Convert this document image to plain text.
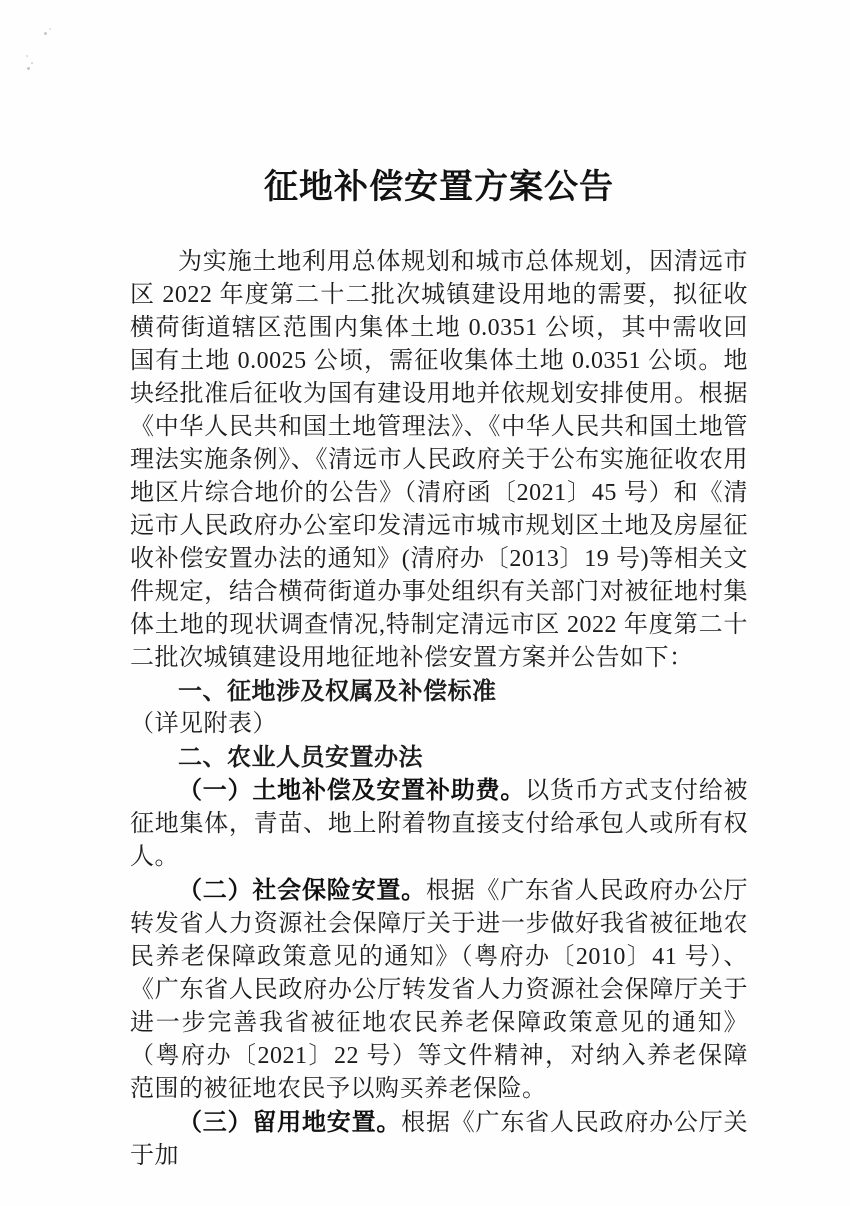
征地补偿安置方案公告

为实施土地利用总体规划和城市总体规划，因清远市区 2022 年度第二十二批次城镇建设用地的需要，拟征收横荷街道辖区范围内集体土地 0.0351 公顷，其中需收回国有土地 0.0025 公顷，需征收集体土地 0.0351 公顷。地块经批准后征收为国有建设用地并依规划安排使用。根据《中华人民共和国土地管理法》、《中华人民共和国土地管理法实施条例》、《清远市人民政府关于公布实施征收农用地区片综合地价的公告》（清府函〔2021〕45 号）和《清远市人民政府办公室印发清远市城市规划区土地及房屋征收补偿安置办法的通知》(清府办〔2013〕19 号)等相关文件规定，结合横荷街道办事处组织有关部门对被征地村集体土地的现状调查情况,特制定清远市区 2022 年度第二十二批次城镇建设用地征地补偿安置方案并公告如下：

一、征地涉及权属及补偿标准

（详见附表）

二、农业人员安置办法

（一）土地补偿及安置补助费。以货币方式支付给被征地集体，青苗、地上附着物直接支付给承包人或所有权人。

（二）社会保险安置。根据《广东省人民政府办公厅转发省人力资源社会保障厅关于进一步做好我省被征地农民养老保障政策意见的通知》（粤府办〔2010〕41 号）、《广东省人民政府办公厅转发省人力资源社会保障厅关于进一步完善我省被征地农民养老保障政策意见的通知》（粤府办〔2021〕22 号）等文件精神，对纳入养老保障范围的被征地农民予以购买养老保险。

（三）留用地安置。根据《广东省人民政府办公厅关于加
